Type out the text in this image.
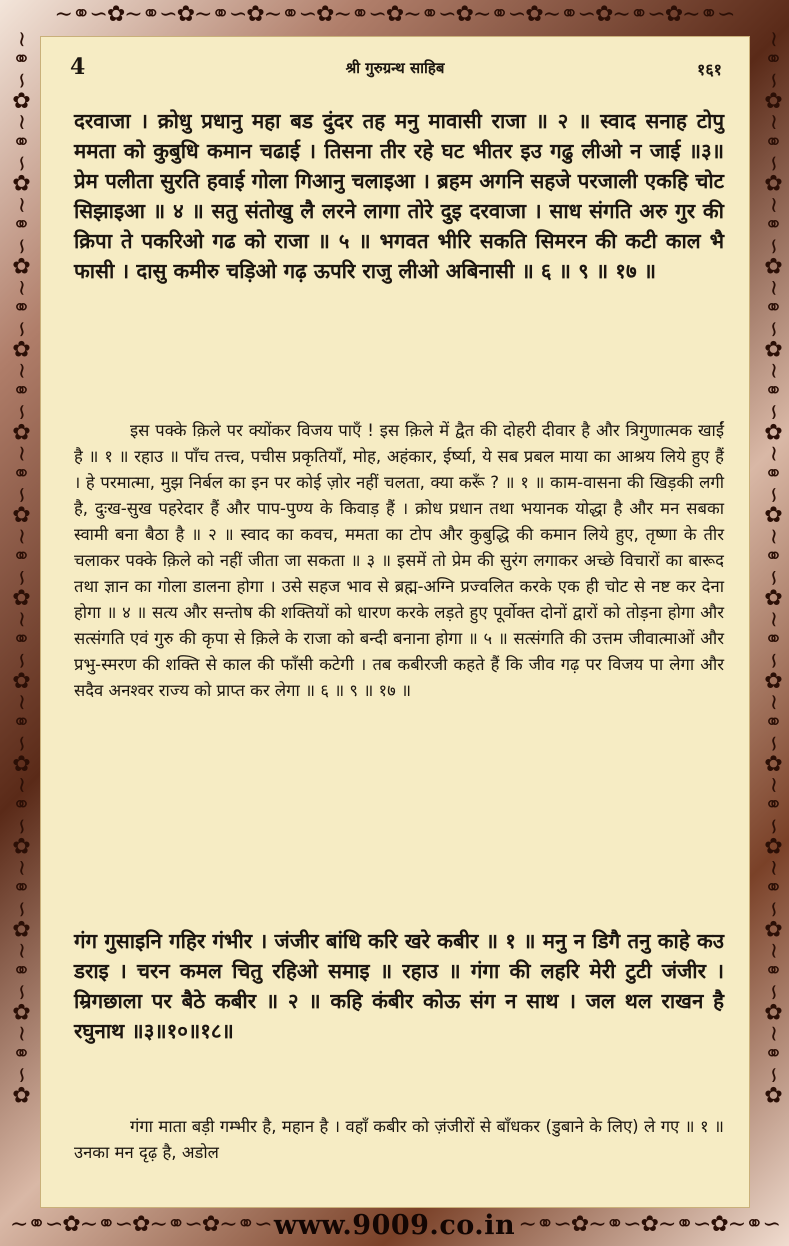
∼⚭∽✿∼⚭∽✿∼⚭∽✿∼⚭∽✿∼⚭∽✿∼⚭∽✿∼⚭∽✿∼⚭∽✿∼⚭∽✿∼⚭∽
∼⚭∽✿∼⚭∽✿∼⚭∽✿∼⚭∽✿∼⚭∽✿∼⚭∽✿∼⚭∽✿∼⚭∽✿∼⚭∽✿∼⚭∽✿∼⚭∽✿∼⚭∽✿∼⚭∽✿	∼⚭∽✿∼⚭∽✿∼⚭∽✿∼⚭∽✿∼⚭∽✿∼⚭∽✿∼⚭∽✿∼⚭∽✿∼⚭∽✿∼⚭∽✿∼⚭∽✿∼⚭∽✿∼⚭∽✿
∼⚭∽✿∼⚭∽✿∼⚭∽✿∼⚭∽	∼⚭∽✿∼⚭∽✿∼⚭∽✿∼⚭∽
4	श्री गुरुग्रन्थ साहिब	१६१
दरवाजा । क्रोधु प्रधानु महा बड दुंदर तह मनु मावासी राजा ॥ २ ॥ स्वाद सनाह टोपु ममता को कुबुधि कमान चढाई । तिसना तीर रहे घट भीतर इउ गढु लीओ न जाई ॥३॥ प्रेम पलीता सुरति हवाई गोला गिआनु चलाइआ । ब्रहम अगनि सहजे परजाली एकहि चोट सिझाइआ ॥ ४ ॥ सतु संतोखु लै लरने लागा तोरे दुइ दरवाजा । साध संगति अरु गुर की क्रिपा ते पकरिओ गढ को राजा ॥ ५ ॥ भगवत भीरि सकति सिमरन की कटी काल भै फासी । दासु कमीरु चड़िओ गढ़ ऊपरि राजु लीओ अबिनासी ॥ ६ ॥ ९ ॥ १७ ॥
इस पक्के क़िले पर क्योंकर विजय पाएँ ! इस क़िले में द्वैत की दोहरी दीवार है और त्रिगुणात्मक खाईं है ॥ १ ॥ रहाउ ॥ पाँच तत्त्व, पचीस प्रकृतियाँ, मोह, अहंकार, ईर्ष्या, ये सब प्रबल माया का आश्रय लिये हुए हैं । हे परमात्मा, मुझ निर्बल का इन पर कोई ज़ोर नहीं चलता, क्या करूँ ? ॥ १ ॥ काम-वासना की खिड़की लगी है, दुःख-सुख पहरेदार हैं और पाप-पुण्य के किवाड़ हैं । क्रोध प्रधान तथा भयानक योद्धा है और मन सबका स्वामी बना बैठा है ॥ २ ॥ स्वाद का कवच, ममता का टोप और कुबुद्धि की कमान लिये हुए, तृष्णा के तीर चलाकर पक्के क़िले को नहीं जीता जा सकता ॥ ३ ॥ इसमें तो प्रेम की सुरंग लगाकर अच्छे विचारों का बारूद तथा ज्ञान का गोला डालना होगा । उसे सहज भाव से ब्रह्म-अग्नि प्रज्वलित करके एक ही चोट से नष्ट कर देना होगा ॥ ४ ॥ सत्य और सन्तोष की शक्तियों को धारण करके लड़ते हुए पूर्वोक्त दोनों द्वारों को तोड़ना होगा और सत्संगति एवं गुरु की कृपा से क़िले के राजा को बन्दी बनाना होगा ॥ ५ ॥ सत्संगति की उत्तम जीवात्माओं और प्रभु-स्मरण की शक्ति से काल की फाँसी कटेगी । तब कबीरजी कहते हैं कि जीव गढ़ पर विजय पा लेगा और सदैव अनश्वर राज्य को प्राप्त कर लेगा ॥ ६ ॥ ९ ॥ १७ ॥
गंग गुसाइनि गहिर गंभीर । जंजीर बांधि करि खरे कबीर ॥ १ ॥ मनु न डिगै तनु काहे कउ डराइ । चरन कमल चितु रहिओ समाइ ॥ रहाउ ॥ गंगा की लहरि मेरी टुटी जंजीर । म्रिगछाला पर बैठे कबीर ॥ २ ॥ कहि कंबीर कोऊ संग न साथ । जल थल राखन है रघुनाथ ॥३॥१०॥१८॥
गंगा माता बड़ी गम्भीर है, महान है । वहाँ कबीर को ज़ंजीरों से बाँधकर (डुबाने के लिए) ले गए ॥ १ ॥ उनका मन दृढ़ है, अडोल
www.9009.co.in
